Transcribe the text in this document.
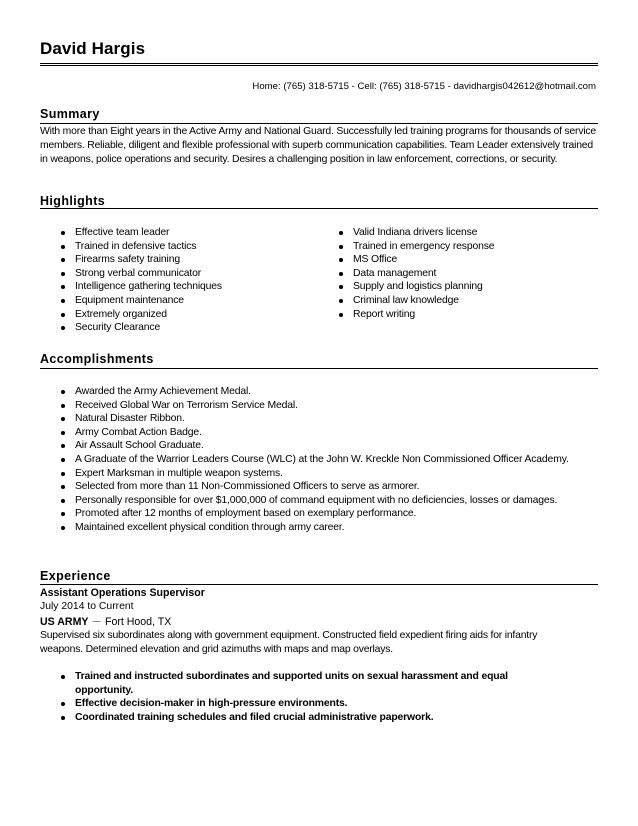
David Hargis
Home: (765) 318-5715 - Cell: (765) 318-5715 - davidhargis042612@hotmail.com
Summary
With more than Eight years in the Active Army and National Guard. Successfully led training programs for thousands of service members. Reliable, diligent and flexible professional with superb communication capabilities. Team Leader extensively trained in weapons, police operations and security. Desires a challenging position in law enforcement, corrections, or security.
Highlights
Effective team leader
Trained in defensive tactics
Firearms safety training
Strong verbal communicator
Intelligence gathering techniques
Equipment maintenance
Extremely organized
Security Clearance
Valid Indiana drivers license
Trained in emergency response
MS Office
Data management
Supply and logistics planning
Criminal law knowledge
Report writing
Accomplishments
Awarded the Army Achievement Medal.
Received Global War on Terrorism Service Medal.
Natural Disaster Ribbon.
Army Combat Action Badge.
Air Assault School Graduate.
A Graduate of the Warrior Leaders Course (WLC) at the John W. Kreckle Non Commissioned Officer Academy.
Expert Marksman in multiple weapon systems.
Selected from more than 11 Non-Commissioned Officers to serve as armorer.
Personally responsible for over $1,000,000 of command equipment with no deficiencies, losses or damages.
Promoted after 12 months of employment based on exemplary performance.
Maintained excellent physical condition through army career.
Experience
Assistant Operations Supervisor
July 2014 to Current
US ARMY － Fort Hood, TX
Supervised six subordinates along with government equipment. Constructed field expedient firing aids for infantry weapons. Determined elevation and grid azimuths with maps and map overlays.
Trained and instructed subordinates and supported units on sexual harassment and equal opportunity.
Effective decision-maker in high-pressure environments.
Coordinated training schedules and filed crucial administrative paperwork.
